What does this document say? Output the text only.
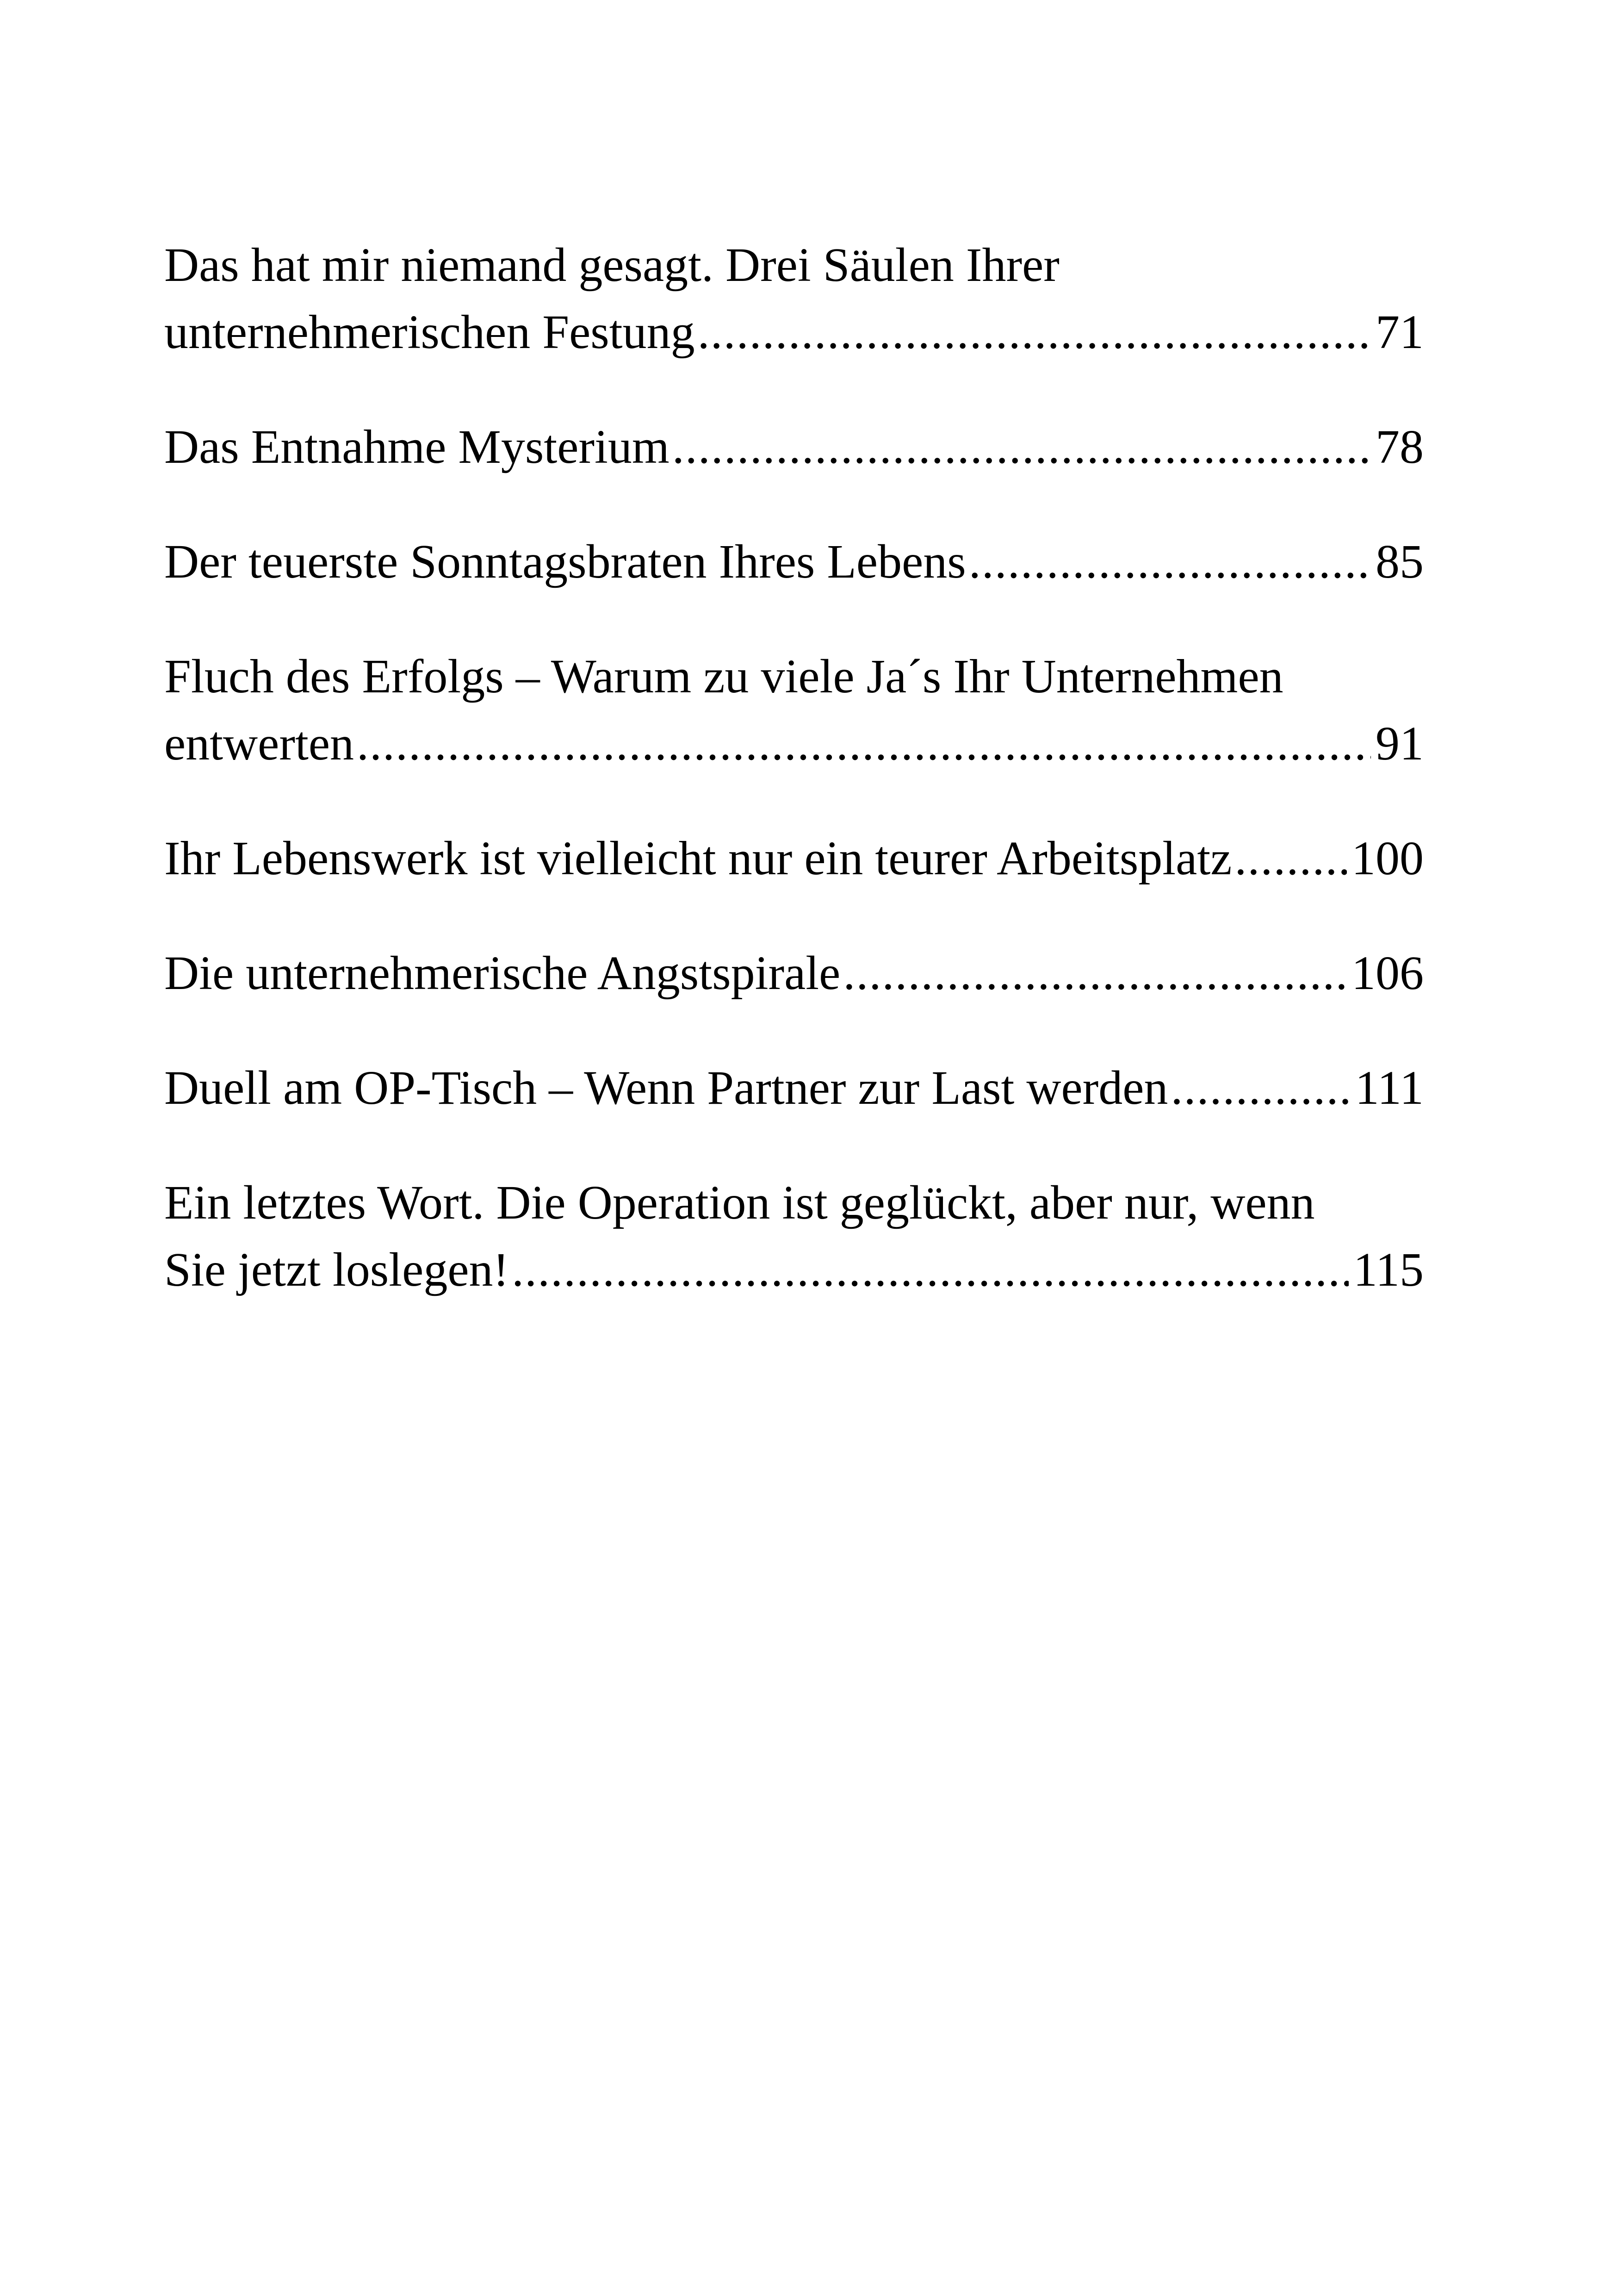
Das hat mir niemand gesagt. Drei Säulen Ihrer
unternehmerischen Festung .....	71
Das Entnahme Mysterium .....	78
Der teuerste Sonntagsbraten Ihres Lebens .....	85
Fluch des Erfolgs – Warum zu viele Ja´s Ihr Unternehmen
entwerten .....	91
Ihr Lebenswerk ist vielleicht nur ein teurer Arbeitsplatz ..... 100
Die unternehmerische Angstspirale .....	106
Duell am OP-Tisch – Wenn Partner zur Last werden .....	111
Ein letztes Wort. Die Operation ist geglückt, aber nur, wenn
Sie jetzt loslegen! .....	115
